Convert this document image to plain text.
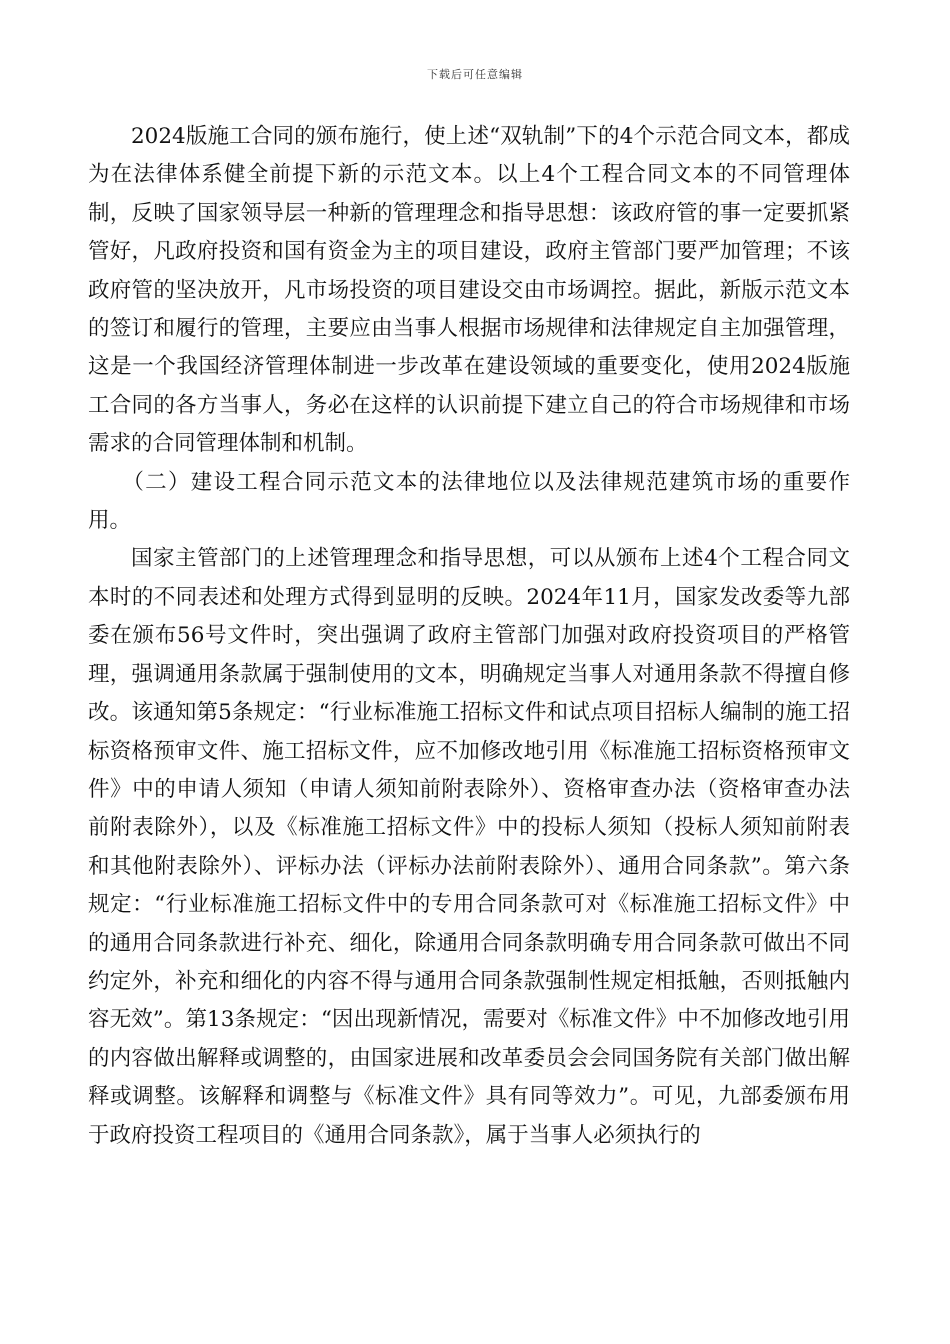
下载后可任意编辑

2024版施工合同的颁布施行，使上述“双轨制”下的4个示范合同文本，都成为在法律体系健全前提下新的示范文本。以上4个工程合同文本的不同管理体制，反映了国家领导层一种新的管理理念和指导思想：该政府管的事一定要抓紧管好，凡政府投资和国有资金为主的项目建设，政府主管部门要严加管理；不该政府管的坚决放开，凡市场投资的项目建设交由市场调控。据此，新版示范文本的签订和履行的管理，主要应由当事人根据市场规律和法律规定自主加强管理，这是一个我国经济管理体制进一步改革在建设领域的重要变化，使用2024版施工合同的各方当事人，务必在这样的认识前提下建立自己的符合市场规律和市场需求的合同管理体制和机制。

（二）建设工程合同示范文本的法律地位以及法律规范建筑市场的重要作用。

国家主管部门的上述管理理念和指导思想，可以从颁布上述4个工程合同文本时的不同表述和处理方式得到显明的反映。2024年11月，国家发改委等九部委在颁布56号文件时，突出强调了政府主管部门加强对政府投资项目的严格管理，强调通用条款属于强制使用的文本，明确规定当事人对通用条款不得擅自修改。该通知第5条规定：“行业标准施工招标文件和试点项目招标人编制的施工招标资格预审文件、施工招标文件，应不加修改地引用《标准施工招标资格预审文件》中的申请人须知（申请人须知前附表除外）、资格审查办法（资格审查办法前附表除外），以及《标准施工招标文件》中的投标人须知（投标人须知前附表和其他附表除外）、评标办法（评标办法前附表除外）、通用合同条款”。第六条规定：“行业标准施工招标文件中的专用合同条款可对《标准施工招标文件》中的通用合同条款进行补充、细化，除通用合同条款明确专用合同条款可做出不同约定外，补充和细化的内容不得与通用合同条款强制性规定相抵触，否则抵触内容无效”。第13条规定：“因出现新情况，需要对《标准文件》中不加修改地引用的内容做出解释或调整的，由国家进展和改革委员会会同国务院有关部门做出解释或调整。该解释和调整与《标准文件》具有同等效力”。可见，九部委颁布用于政府投资工程项目的《通用合同条款》，属于当事人必须执行的
